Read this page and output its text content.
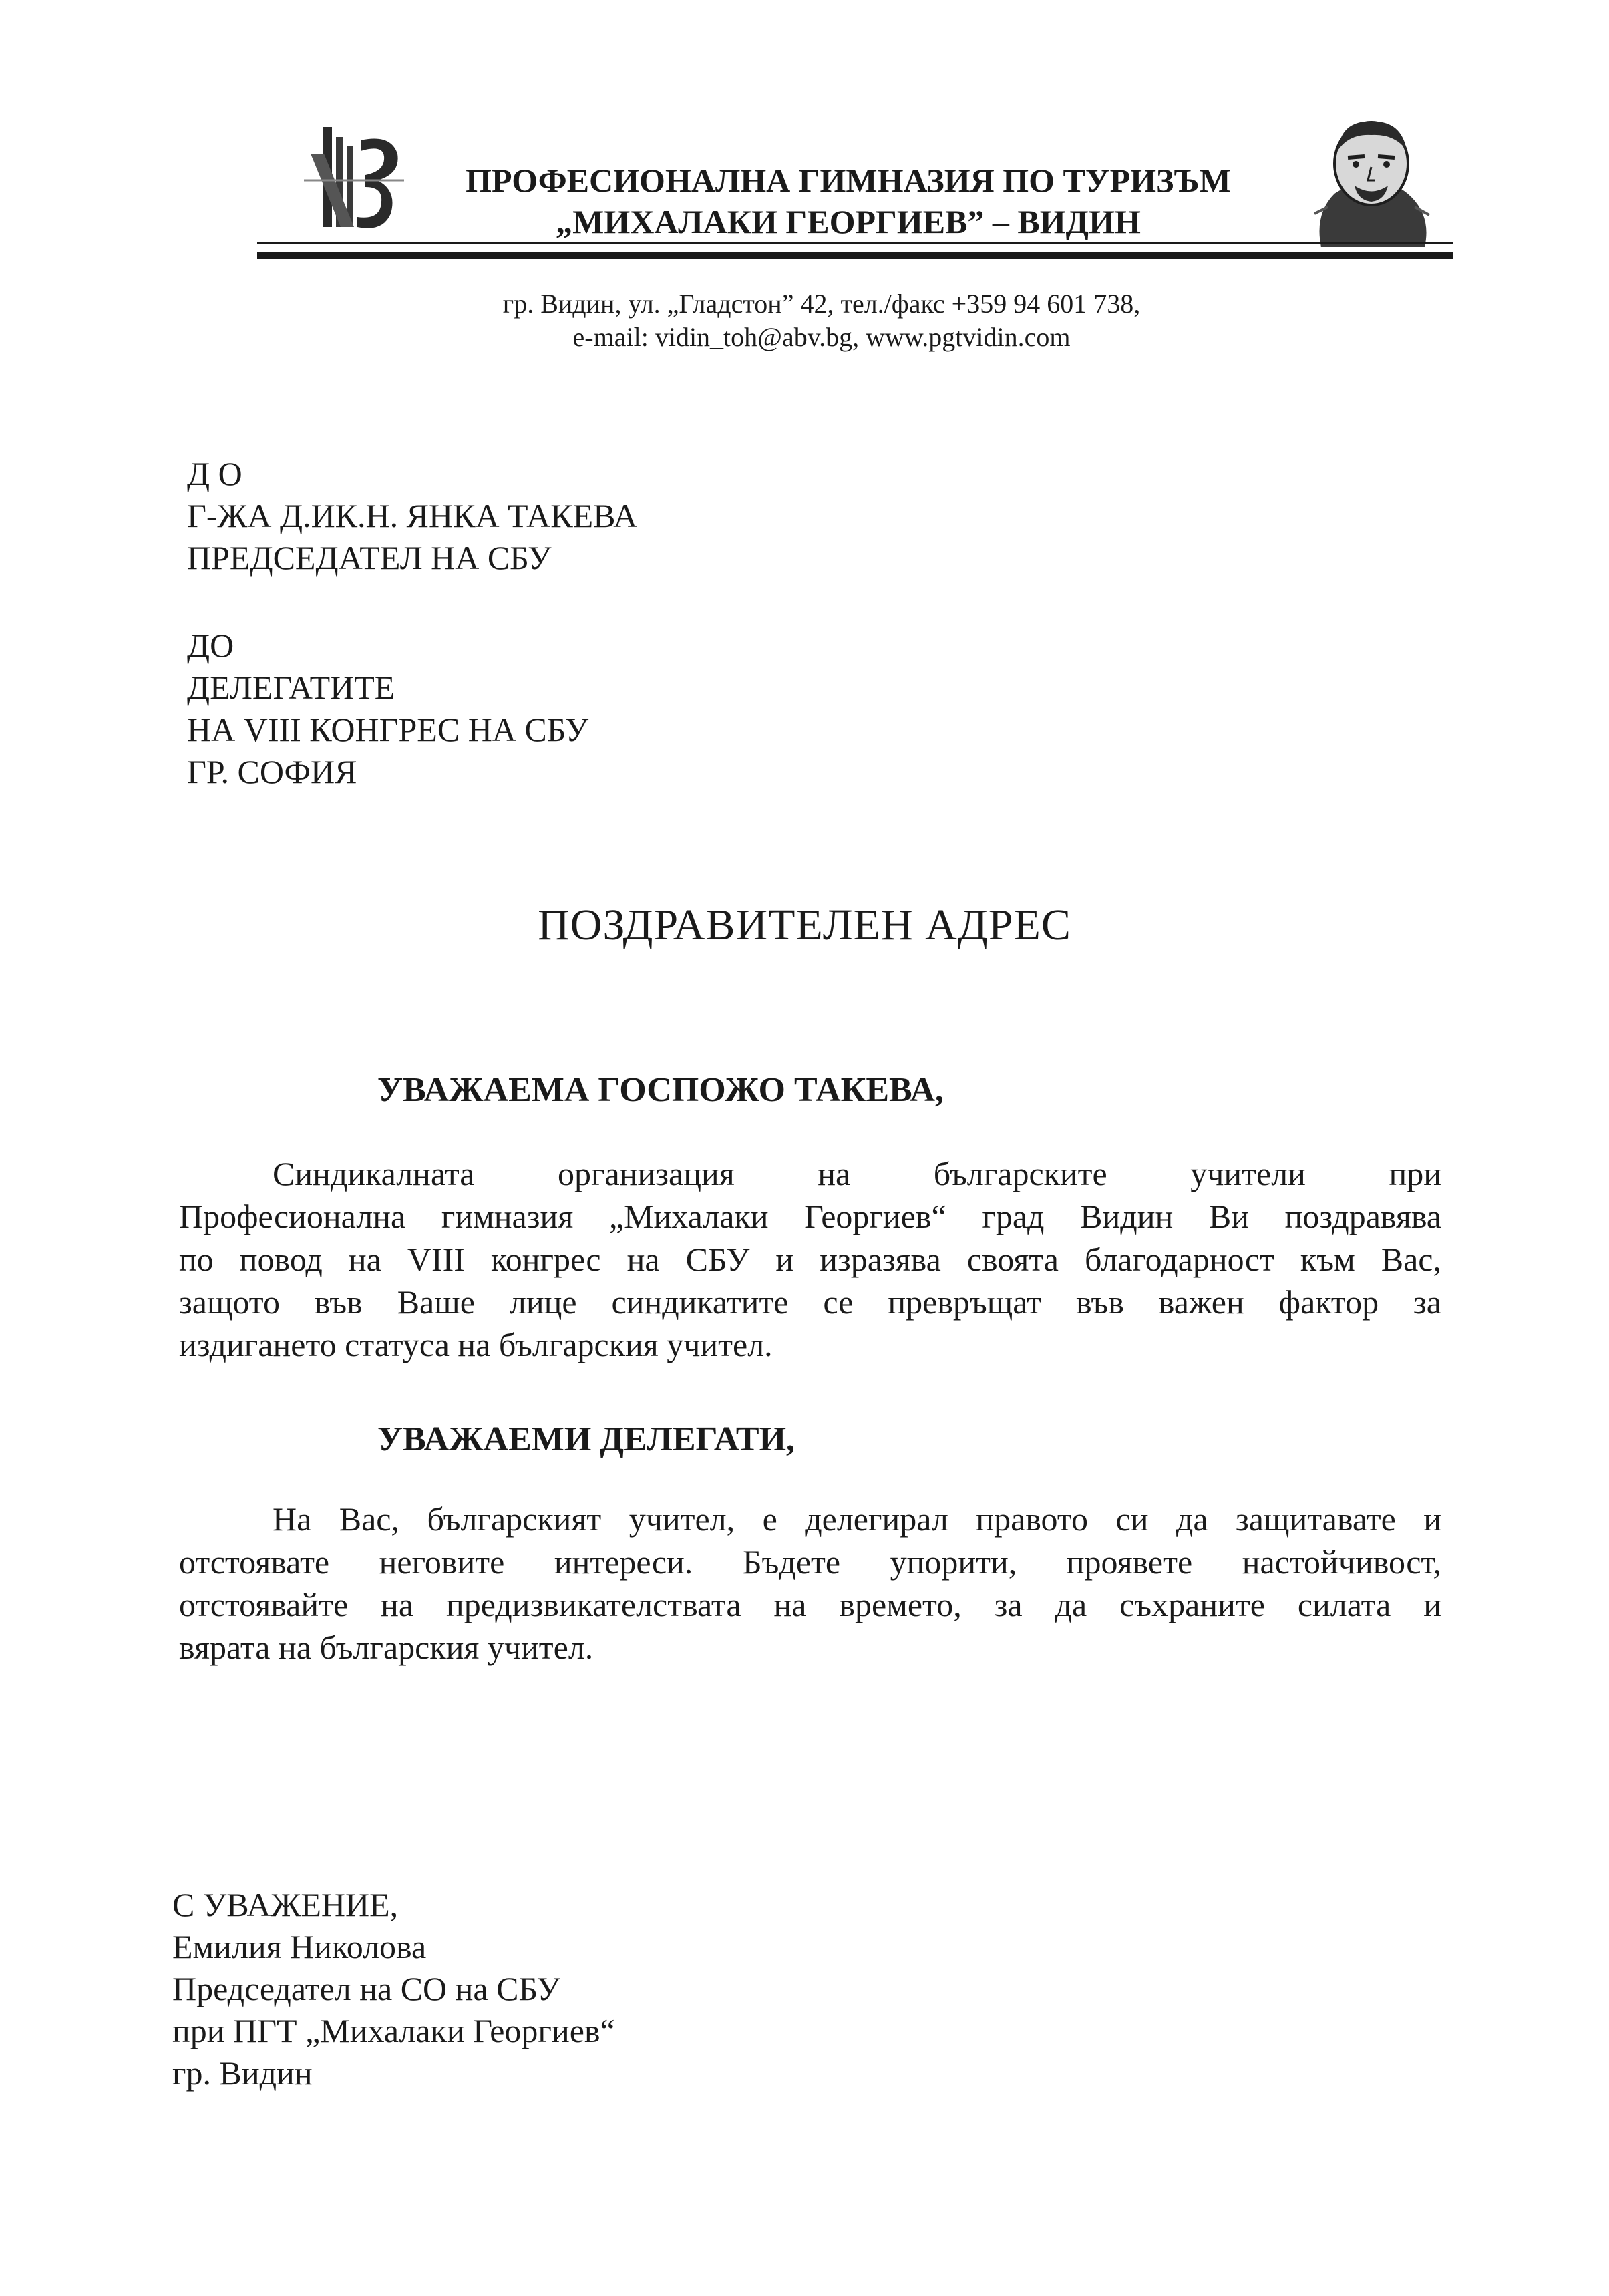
ПРОФЕСИОНАЛНА ГИМНАЗИЯ ПО ТУРИЗЪМ
„МИХАЛАКИ ГЕОРГИЕВ” – ВИДИН
гр. Видин, ул. „Гладстон” 42, тел./факс +359 94 601 738,
e-mail: vidin_toh@abv.bg, www.pgtvidin.com
Д О
Г-ЖА Д.ИК.Н. ЯНКА ТАКЕВА
ПРЕДСЕДАТЕЛ НА СБУ
ДО
ДЕЛЕГАТИТЕ
НА VIII КОНГРЕС НА СБУ
ГР. СОФИЯ
ПОЗДРАВИТЕЛЕН АДРЕС
УВАЖАЕМА ГОСПОЖО ТАКЕВА,
Синдикалната организация на българските учители при
Професионална гимназия „Михалаки Георгиев“ град Видин Ви поздравява
по повод на VIII конгрес на СБУ и изразява своята благодарност към Вас,
защото във Ваше лице синдикатите се превръщат във важен фактор за
издигането статуса на българския учител.
УВАЖАЕМИ ДЕЛЕГАТИ,
На Вас, българският учител, е делегирал правото си да защитавате и
отстоявате неговите интереси. Бъдете упорити, проявете настойчивост,
отстоявайте на предизвикателствата на времето, за да съхраните силата и
вярата на българския учител.
С УВАЖЕНИЕ,
Емилия Николова
Председател на СО на СБУ
при ПГТ „Михалаки Георгиев“
гр. Видин
